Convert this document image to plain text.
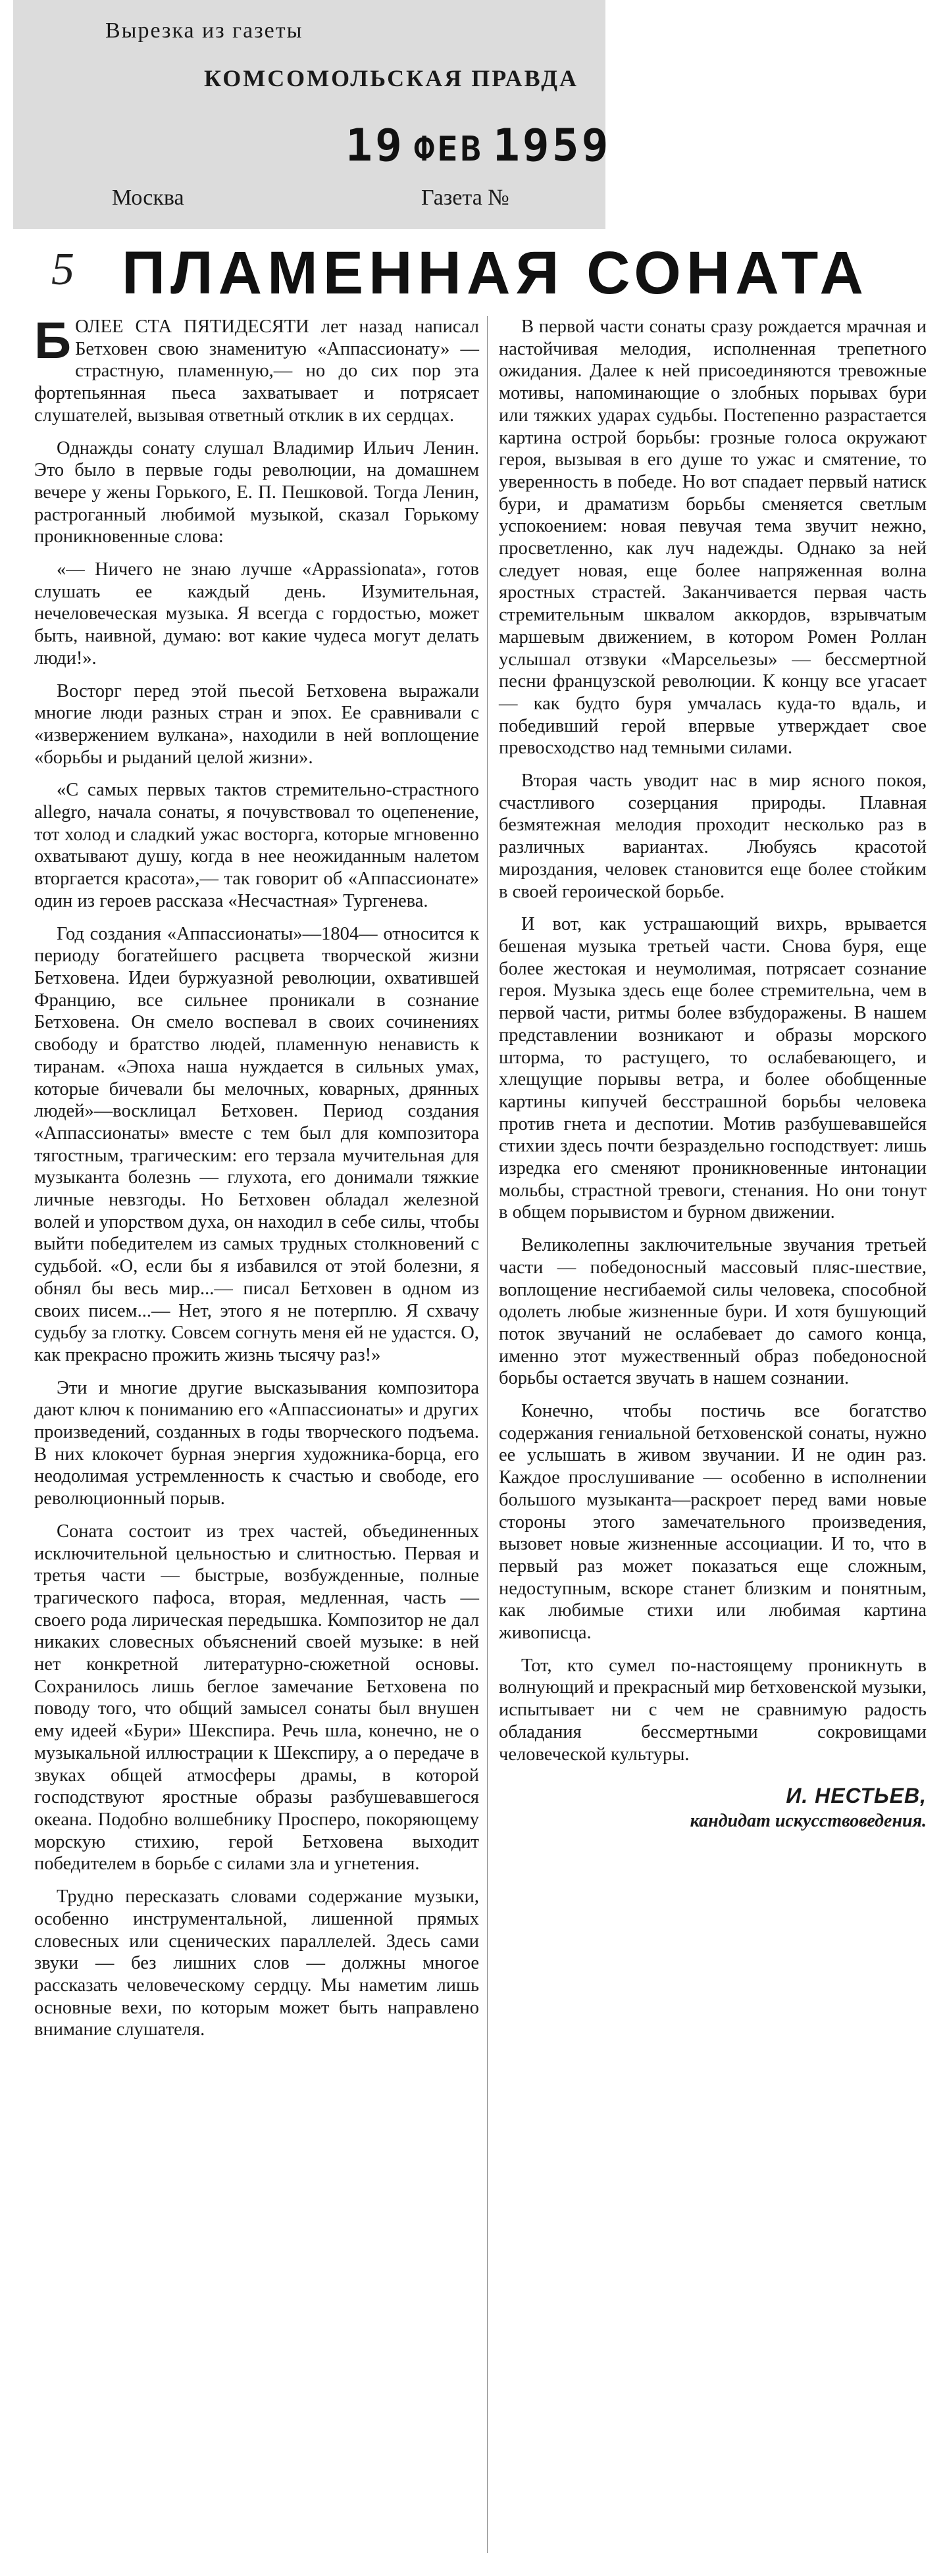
Вырезка из газеты
КОМСОМОЛЬСКАЯ ПРАВДА
19 ФЕВ 1959
Москва	Газета №
5 ПЛАМЕННАЯ СОНАТА

БОЛЕЕ СТА ПЯТИДЕСЯТИ лет назад написал Бетховен свою знаменитую «Аппассионату» — страстную, пламенную,— но до сих пор эта фортепьянная пьеса захватывает и потрясает слушателей, вызывая ответный отклик в их сердцах.

Однажды сонату слушал Владимир Ильич Ленин. Это было в первые годы революции, на домашнем вечере у жены Горького, Е. П. Пешковой. Тогда Ленин, растроганный любимой музыкой, сказал Горькому проникновенные слова:

«— Ничего не знаю лучше «Appassionata», готов слушать ее каждый день. Изумительная, нечеловеческая музыка. Я всегда с гордостью, может быть, наивной, думаю: вот какие чудеса могут делать люди!».

Восторг перед этой пьесой Бетховена выражали многие люди разных стран и эпох. Ее сравнивали с «извержением вулкана», находили в ней воплощение «борьбы и рыданий целой жизни».

«С самых первых тактов стремительно-страстного allegro, начала сонаты, я почувствовал то оцепенение, тот холод и сладкий ужас восторга, которые мгновенно охватывают душу, когда в нее неожиданным налетом вторгается красота»,— так говорит об «Аппассионате» один из героев рассказа «Несчастная» Тургенева.

Год создания «Аппассионаты»—1804— относится к периоду богатейшего расцвета творческой жизни Бетховена. Идеи буржуазной революции, охватившей Францию, все сильнее проникали в сознание Бетховена. Он смело воспевал в своих сочинениях свободу и братство людей, пламенную ненависть к тиранам. «Эпоха наша нуждается в сильных умах, которые бичевали бы мелочных, коварных, дрянных людей»—восклицал Бетховен. Период создания «Аппассионаты» вместе с тем был для композитора тягостным, трагическим: его терзала мучительная для музыканта болезнь — глухота, его донимали тяжкие личные невзгоды. Но Бетховен обладал железной волей и упорством духа, он находил в себе силы, чтобы выйти победителем из самых трудных столкновений с судьбой. «О, если бы я избавился от этой болезни, я обнял бы весь мир...— писал Бетховен в одном из своих писем...— Нет, этого я не потерплю. Я схвачу судьбу за глотку. Совсем согнуть меня ей не удастся. О, как прекрасно прожить жизнь тысячу раз!»

Эти и многие другие высказывания композитора дают ключ к пониманию его «Аппассионаты» и других произведений, созданных в годы творческого подъема. В них клокочет бурная энергия художника-борца, его неодолимая устремленность к счастью и свободе, его революционный порыв.

Соната состоит из трех частей, объединенных исключительной цельностью и слитностью. Первая и третья части — быстрые, возбужденные, полные трагического пафоса, вторая, медленная, часть — своего рода лирическая передышка. Композитор не дал никаких словесных объяснений своей музыке: в ней нет конкретной литературно-сюжетной основы. Сохранилось лишь беглое замечание Бетховена по поводу того, что общий замысел сонаты был внушен ему идеей «Бури» Шекспира. Речь шла, конечно, не о музыкальной иллюстрации к Шекспиру, а о передаче в звуках общей атмосферы драмы, в которой господствуют яростные образы разбушевавшегося океана. Подобно волшебнику Просперо, покоряющему морскую стихию, герой Бетховена выходит победителем в борьбе с силами зла и угнетения.

Трудно пересказать словами содержание музыки, особенно инструментальной, лишенной прямых словесных или сценических параллелей. Здесь сами звуки — без лишних слов — должны многое рассказать человеческому сердцу. Мы наметим лишь основные вехи, по которым может быть направлено внимание слушателя.

В первой части сонаты сразу рождается мрачная и настойчивая мелодия, исполненная трепетного ожидания. Далее к ней присоединяются тревожные мотивы, напоминающие о злобных порывах бури или тяжких ударах судьбы. Постепенно разрастается картина острой борьбы: грозные голоса окружают героя, вызывая в его душе то ужас и смятение, то уверенность в победе. Но вот спадает первый натиск бури, и драматизм борьбы сменяется светлым успокоением: новая певучая тема звучит нежно, просветленно, как луч надежды. Однако за ней следует новая, еще более напряженная волна яростных страстей. Заканчивается первая часть стремительным шквалом аккордов, взрывчатым маршевым движением, в котором Ромен Роллан услышал отзвуки «Марсельезы» — бессмертной песни французской революции. К концу все угасает — как будто буря умчалась куда-то вдаль, и победивший герой впервые утверждает свое превосходство над темными силами.

Вторая часть уводит нас в мир ясного покоя, счастливого созерцания природы. Плавная безмятежная мелодия проходит несколько раз в различных вариантах. Любуясь красотой мироздания, человек становится еще более стойким в своей героической борьбе.

И вот, как устрашающий вихрь, врывается бешеная музыка третьей части. Снова буря, еще более жестокая и неумолимая, потрясает сознание героя. Музыка здесь еще более стремительна, чем в первой части, ритмы более взбудоражены. В нашем представлении возникают и образы морского шторма, то растущего, то ослабевающего, и хлещущие порывы ветра, и более обобщенные картины кипучей бесстрашной борьбы человека против гнета и деспотии. Мотив разбушевавшейся стихии здесь почти безраздельно господствует: лишь изредка его сменяют проникновенные интонации мольбы, страстной тревоги, стенания. Но они тонут в общем порывистом и бурном движении.

Великолепны заключительные звучания третьей части — победоносный массовый пляс-шествие, воплощение несгибаемой силы человека, способной одолеть любые жизненные бури. И хотя бушующий поток звучаний не ослабевает до самого конца, именно этот мужественный образ победоносной борьбы остается звучать в нашем сознании.

Конечно, чтобы постичь все богатство содержания гениальной бетховенской сонаты, нужно ее услышать в живом звучании. И не один раз. Каждое прослушивание — особенно в исполнении большого музыканта—раскроет перед вами новые стороны этого замечательного произведения, вызовет новые жизненные ассоциации. И то, что в первый раз может показаться еще сложным, недоступным, вскоре станет близким и понятным, как любимые стихи или любимая картина живописца.

Тот, кто сумел по-настоящему проникнуть в волнующий и прекрасный мир бетховенской музыки, испытывает ни с чем не сравнимую радость обладания бессмертными сокровищами человеческой культуры.

И. НЕСТЬЕВ,
кандидат искусствоведения.
